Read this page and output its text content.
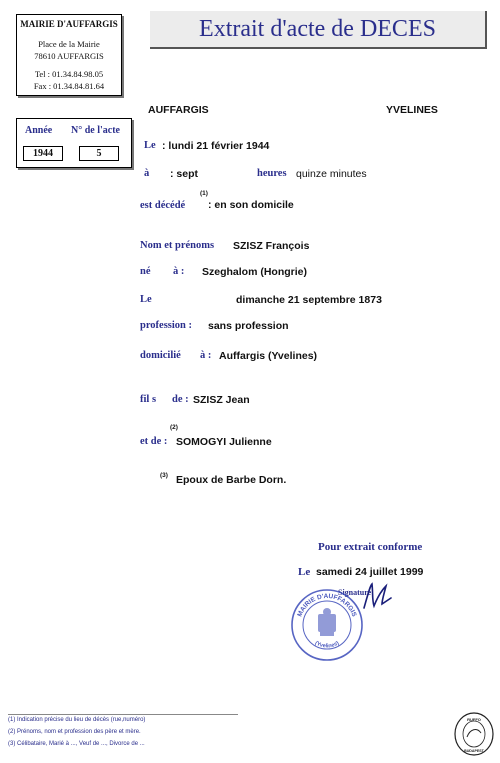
MAIRIE D'AUFFARGIS
Place de la Mairie
78610 AUFFARGIS
Tel : 01.34.84.98.05
Fax : 01.34.84.81.64
Extrait d'acte de DECES
Année N° de l'acte
1944	5
AUFFARGIS	YVELINES
Le : lundi 21 février 1944
à : sept	heures quinze minutes
est décédé
(1)
: en son domicile
Nom et prénoms SZISZ François
né à : Szeghalom (Hongrie)
Le	dimanche 21 septembre 1873
profession : sans profession
domicilié à : Auffargis (Yvelines)
fil s de : SZISZ Jean
(2)
et de : SOMOGYI Julienne
(3) Epoux de Barbe Dorn.
Pour extrait conforme
Le samedi 24 juillet 1999
Signature
MAIRIE D'AUFFARGIS
(Yvelines)
(1) Indication précise du lieu de décès (rue,numéro)
(2) Prénoms, nom et profession des père et mère.
(3) Célibataire, Marié à ..., Veuf de ..., Divorce de ...
RUFFO
BUDAPEST
